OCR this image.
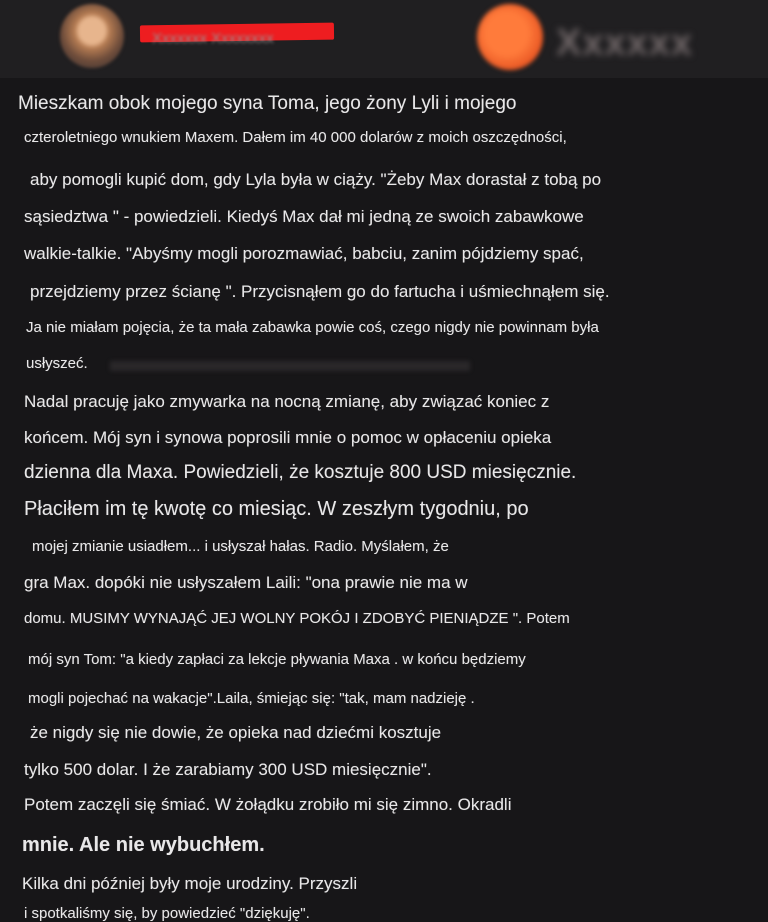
Xxxxxxx Xxxxxxxx	Xxxxxx
Mieszkam obok mojego syna Toma, jego żony Lyli i mojego
czteroletniego wnukiem Maxem. Dałem im 40 000 dolarów z moich oszczędności,
aby pomogli kupić dom, gdy Lyla była w ciąży. "Żeby Max dorastał z tobą po
sąsiedztwa " - powiedzieli. Kiedyś Max dał mi jedną ze swoich zabawkowe
walkie-talkie. "Abyśmy mogli porozmawiać, babciu, zanim pójdziemy spać,
przejdziemy przez ścianę ". Przycisnąłem go do fartucha i uśmiechnąłem się.
Ja nie miałam pojęcia, że ta mała zabawka powie coś, czego nigdy nie powinnam była
usłyszeć.
Nadal pracuję jako zmywarka na nocną zmianę, aby związać koniec z
końcem. Mój syn i synowa poprosili mnie o pomoc w opłaceniu opieka
dzienna dla Maxa. Powiedzieli, że kosztuje 800 USD miesięcznie.
Płaciłem im tę kwotę co miesiąc. W zeszłym tygodniu, po
mojej zmianie usiadłem... i usłyszał hałas. Radio. Myślałem, że
gra Max. dopóki nie usłyszałem Laili: "ona prawie nie ma w
domu. MUSIMY WYNAJĄĆ JEJ WOLNY POKÓJ I ZDOBYĆ PIENIĄDZE ". Potem
mój syn Tom: "a kiedy zapłaci za lekcje pływania Maxa . w końcu będziemy
mogli pojechać na wakacje".Laila, śmiejąc się: "tak, mam nadzieję .
że nigdy się nie dowie, że opieka nad dziećmi kosztuje
tylko 500 dolar. I że zarabiamy 300 USD miesięcznie".
Potem zaczęli się śmiać. W żołądku zrobiło mi się zimno. Okradli
mnie. Ale nie wybuchłem.
Kilka dni później były moje urodziny. Przyszli
i spotkaliśmy się, by powiedzieć "dziękuję".
